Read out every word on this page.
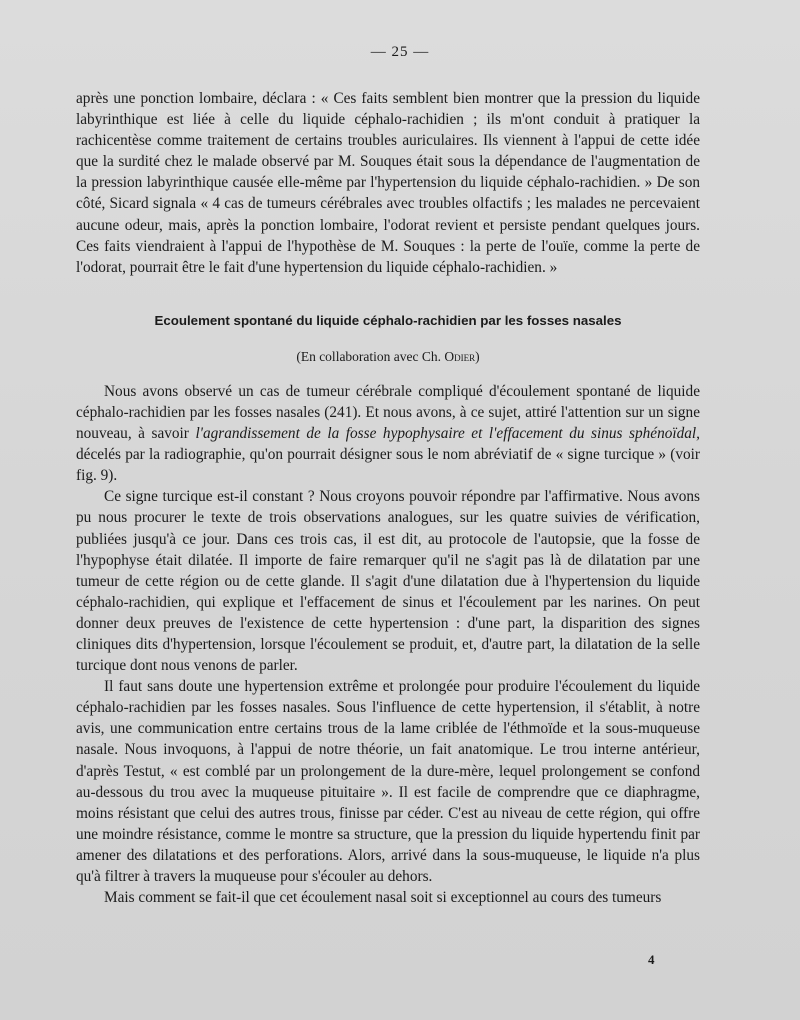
— 25 —

après une ponction lombaire, déclara : « Ces faits semblent bien montrer que la pression du liquide labyrinthique est liée à celle du liquide céphalo-rachidien ; ils m'ont conduit à pratiquer la rachicentèse comme traitement de certains troubles auriculaires. Ils viennent à l'appui de cette idée que la surdité chez le malade observé par M. Souques était sous la dépendance de l'augmentation de la pression labyrinthique causée elle-même par l'hypertension du liquide céphalo-rachidien. » De son côté, Sicard signala « 4 cas de tumeurs cérébrales avec troubles olfactifs ; les malades ne percevaient aucune odeur, mais, après la ponction lombaire, l'odorat revient et persiste pendant quelques jours. Ces faits viendraient à l'appui de l'hypothèse de M. Souques : la perte de l'ouïe, comme la perte de l'odorat, pourrait être le fait d'une hypertension du liquide céphalo-rachidien. »

Ecoulement spontané du liquide céphalo-rachidien par les fosses nasales
(En collaboration avec Ch. Odier)

Nous avons observé un cas de tumeur cérébrale compliqué d'écoulement spontané de liquide céphalo-rachidien par les fosses nasales (241). Et nous avons, à ce sujet, attiré l'attention sur un signe nouveau, à savoir l'agrandissement de la fosse hypophysaire et l'effacement du sinus sphénoïdal, décelés par la radiographie, qu'on pourrait désigner sous le nom abréviatif de « signe turcique » (voir fig. 9).

Ce signe turcique est-il constant ? Nous croyons pouvoir répondre par l'affirmative. Nous avons pu nous procurer le texte de trois observations analogues, sur les quatre suivies de vérification, publiées jusqu'à ce jour. Dans ces trois cas, il est dit, au protocole de l'autopsie, que la fosse de l'hypophyse était dilatée. Il importe de faire remarquer qu'il ne s'agit pas là de dilatation par une tumeur de cette région ou de cette glande. Il s'agit d'une dilatation due à l'hypertension du liquide céphalo-rachidien, qui explique et l'effacement de sinus et l'écoulement par les narines. On peut donner deux preuves de l'existence de cette hypertension : d'une part, la disparition des signes cliniques dits d'hypertension, lorsque l'écoulement se produit, et, d'autre part, la dilatation de la selle turcique dont nous venons de parler.

Il faut sans doute une hypertension extrême et prolongée pour produire l'écoulement du liquide céphalo-rachidien par les fosses nasales. Sous l'influence de cette hypertension, il s'établit, à notre avis, une communication entre certains trous de la lame criblée de l'éthmoïde et la sous-muqueuse nasale. Nous invoquons, à l'appui de notre théorie, un fait anatomique. Le trou interne antérieur, d'après Testut, « est comblé par un prolongement de la dure-mère, lequel prolongement se confond au-dessous du trou avec la muqueuse pituitaire ». Il est facile de comprendre que ce diaphragme, moins résistant que celui des autres trous, finisse par céder. C'est au niveau de cette région, qui offre une moindre résistance, comme le montre sa structure, que la pression du liquide hypertendu finit par amener des dilatations et des perforations. Alors, arrivé dans la sous-muqueuse, le liquide n'a plus qu'à filtrer à travers la muqueuse pour s'écouler au dehors.

Mais comment se fait-il que cet écoulement nasal soit si exceptionnel au cours des tumeurs

4
